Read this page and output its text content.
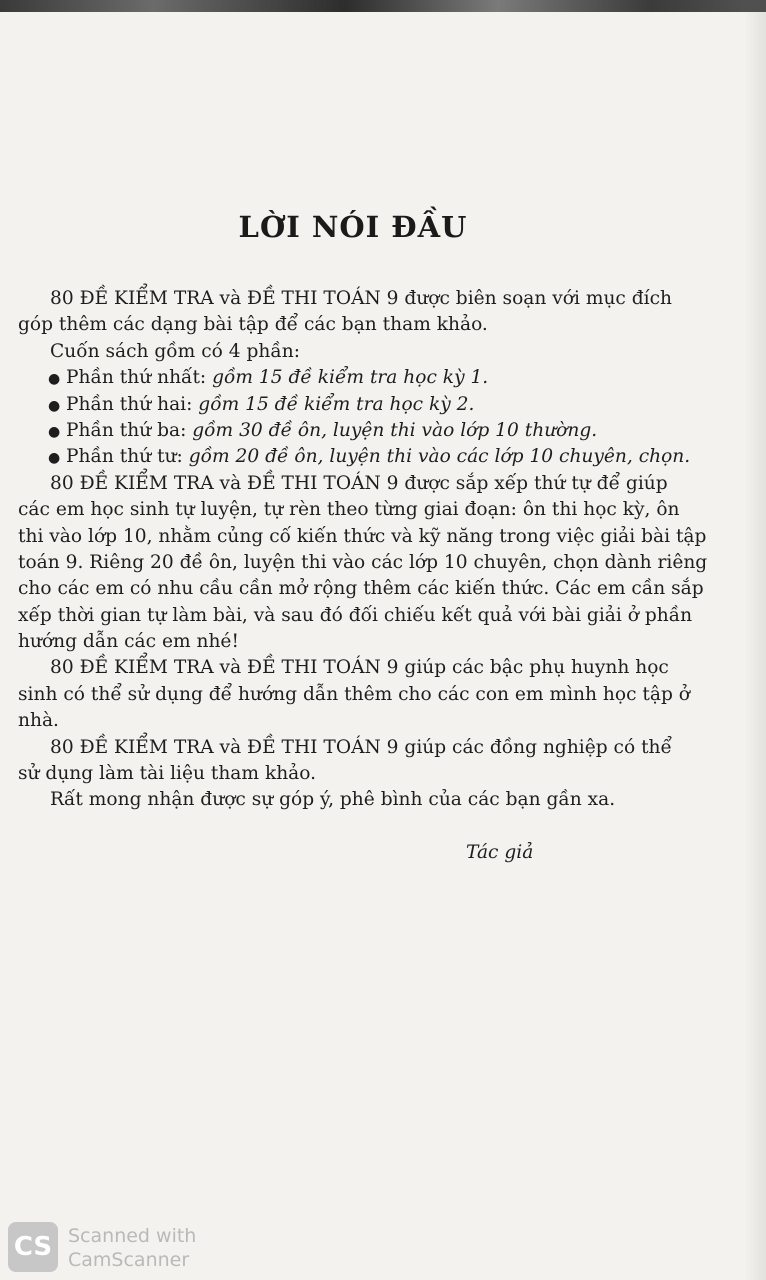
LỜI NÓI ĐẦU
80 ĐỀ KIỂM TRA và ĐỀ THI TOÁN 9 được biên soạn với mục đích
góp thêm các dạng bài tập để các bạn tham khảo.
Cuốn sách gồm có 4 phần:
● Phần thứ nhất: gồm 15 đề kiểm tra học kỳ 1.
● Phần thứ hai: gồm 15 đề kiểm tra học kỳ 2.
● Phần thứ ba: gồm 30 đề ôn, luyện thi vào lớp 10 thường.
● Phần thứ tư: gồm 20 đề ôn, luyện thi vào các lớp 10 chuyên, chọn.
80 ĐỀ KIỂM TRA và ĐỀ THI TOÁN 9 được sắp xếp thứ tự để giúp
các em học sinh tự luyện, tự rèn theo từng giai đoạn: ôn thi học kỳ, ôn
thi vào lớp 10, nhằm củng cố kiến thức và kỹ năng trong việc giải bài tập
toán 9. Riêng 20 đề ôn, luyện thi vào các lớp 10 chuyên, chọn dành riêng
cho các em có nhu cầu cần mở rộng thêm các kiến thức. Các em cần sắp
xếp thời gian tự làm bài, và sau đó đối chiếu kết quả với bài giải ở phần
hướng dẫn các em nhé!
80 ĐỀ KIỂM TRA và ĐỀ THI TOÁN 9 giúp các bậc phụ huynh học
sinh có thể sử dụng để hướng dẫn thêm cho các con em mình học tập ở
nhà.
80 ĐỀ KIỂM TRA và ĐỀ THI TOÁN 9 giúp các đồng nghiệp có thể
sử dụng làm tài liệu tham khảo.
Rất mong nhận được sự góp ý, phê bình của các bạn gần xa.
Tác giả
CS Scanned with
CamScanner
